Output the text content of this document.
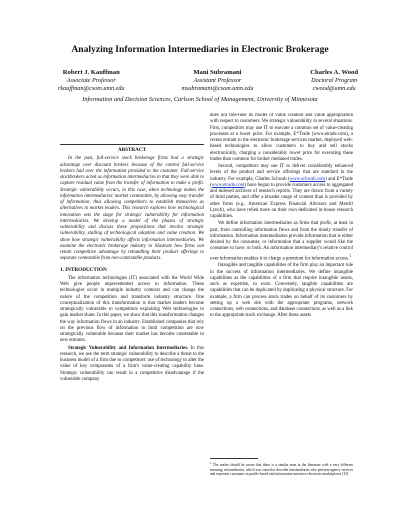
Analyzing Information Intermediaries in Electronic Brokerage
Robert J. Kauffman
Associate Professor
rkauffman@csom.umn.edu
Mani Subramani
Assistant Professor
msubramani@csom.umn.edu
Charles A. Wood
Doctoral Program
cwood@umn.edu
Information and Decision Sciences, Carlson School of Management, University of Minnesota
ABSTRACT

In the past, full-service stock brokerage firms had a strategic advantage over discount brokers because of the control full-service brokers had over the information provided to the customer. Full-service stockbrokers acted as information intermediaries in that they were able to capture residual value from the transfer of information to make a profit. Strategic vulnerability occurs, in this case, when technology makes the information intermediaries' market contestable, by allowing easy transfer of information, thus allowing competitors to establish themselves as alternatives to market leaders. This research explores how technological innovation sets the stage for strategic vulnerability for information intermediaries. We develop a model of the phases of strategic vulnerability and discuss these propositions that involve strategic vulnerability, stalling of technological adoption and value creation. We show how strategic vulnerability affects information intermediaries. We examine the electronic brokerage industry to illustrate how firms can retain competitive advantage by rebundling their product offerings to separate contestable from non-contestable products.

1. INTRODUCTION

The information technologies (IT) associated with the World Wide Web give people unprecedented access to information. These technologies occur in multiple industry contexts and can change the nature of the competition and transform industry structure. One conceptualization of this transformation is that market leaders become strategically vulnerable to competitors exploiting Web technologies to gain market share. In this paper, we show that this transformation changes the way information flows in an industry. Established companies that rely on the previous flow of information to limit competition are now strategically vulnerable because their market has become contestable to new entrants.

Strategic Vulnerability and Information Intermediaries. In this research, we use the term strategic vulnerability to describe a threat to the business model of a firm due to competitors' use of technology to alter the value of key components of a firm's value-creating capability base. Strategic vulnerability can result in a competitive disadvantage if the vulnerable company

does not fine-tune its model of value creation and value appropriation with respect to customers. We strategic vulnerability in several situations. First, competitors may use IT to execute a common set of value-creating processes at a lower price. For example, E*Trade (www.etrade.com), a recent entrant to the electronic brokerage services market, deployed web-based technologies to allow customers to buy and sell stocks electronically, charging a considerably lower price for executing these trades than common for broker mediated trades.

Second, competitors may use IT to deliver considerably enhanced levels of the product and service offerings that are standard in the industry. For example, Charles Schwab (www.schwab.com) and E*Trade (www.etrade.com) have begun to provide customers access to aggregated and indexed archives of research reports. They are drawn from a variety of third parties, and offer a broader range of content than is provided by other firms (e.g., American Express Financial Advisors and Merrill Lynch), who have relied more on their own dedicated in-house research capabilities.

We define information intermediaries as firms that profit, at least in part, from controlling information flows and from the timely transfer of information. Information intermediaries provide information that is either desired by the consumer, or information that a supplier would like the consumer to have, or both. An information intermediary's relative control over information enables it to charge a premium for information access.$^1$

Intangible and tangible capabilities of the firm play an important role in the success of information intermediaries. We define intangible capabilities as the capabilities of a firm that require intangible assets, such as expertise, to exist. Conversely, tangible capabilities are capabilities that can be duplicated by duplicating a physical structure. For example, a firm can process stock trades on behalf of its customers by setting up a web site with the appropriate programs, network connections, web connections, and database connections, as well as a link to the appropriate stock exchange. After these assets

$^1$ The reader should be aware that there is a similar term in the literature with a very different meaning, infomediaries, which was coined to describe intermediaries who perform agency services and represent customers in profile-based and information-intensive electronic marketplaces [15].
